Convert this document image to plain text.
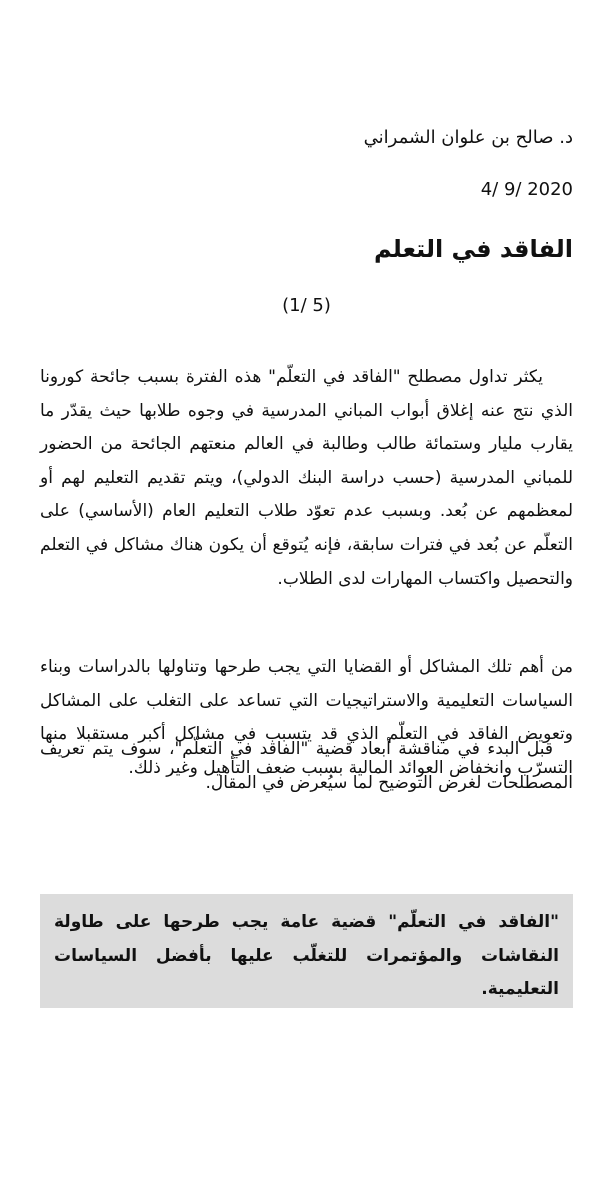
د. صالح بن علوان الشمراني
2020 /9 /4
الفاقد في التعلم
(5 /1)

يكثر تداول مصطلح "الفاقد في التعلّم" هذه الفترة بسبب جائحة كورونا الذي نتج عنه إغلاق أبواب المباني المدرسية في وجوه طلابها حيث يقدّر ما يقارب مليار وستمائة طالب وطالبة في العالم منعتهم الجائحة من الحضور للمباني المدرسية (حسب دراسة البنك الدولي)، ويتم تقديم التعليم لهم أو لمعظمهم عن بُعد. وبسبب عدم تعوّد طلاب التعليم العام (الأساسي) على التعلّم عن بُعد في فترات سابقة، فإنه يُتوقع أن يكون هناك مشاكل في التعلم والتحصيل واكتساب المهارات لدى الطلاب.

من أهم تلك المشاكل أو القضايا التي يجب طرحها وتناولها بالدراسات وبناء السياسات التعليمية والاستراتيجيات التي تساعد على التغلب على المشاكل وتعويض الفاقد في التعلّم الذي قد يتسبب في مشاكل أكبر مستقبلا منها التسرّب وانخفاض العوائد المالية بسبب ضعف التأهيل وغير ذلك.

قبل البدء في مناقشة أبعاد قضية "الفاقد في التعلّم"، سوف يتم تعريف المصطلحات لغرض التوضيح لما سيُعرض في المقال.

"الفاقد في التعلّم" قضية عامة يجب طرحها على طاولة النقاشات والمؤتمرات للتغلّب عليها بأفضل السياسات التعليمية.
